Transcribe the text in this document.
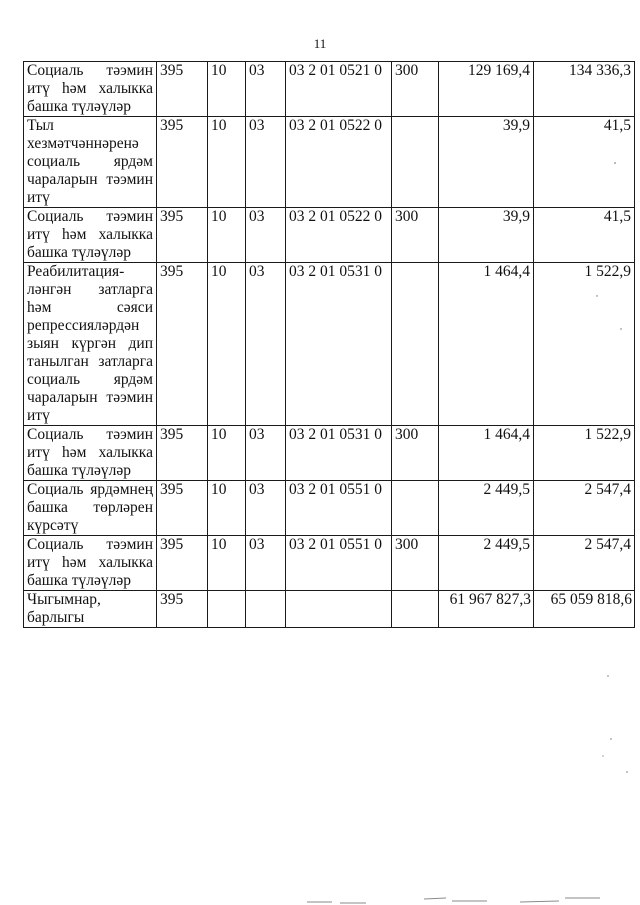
11
Социаль тәэмин итү һәм халыкка башка түләүләр	395	10	03	03 2 01 0521 0	300	129 169,4	134 336,3
Тыл хезмәтчәннәренә социаль ярдәм чараларын тәэмин итү	395	10	03	03 2 01 0522 0		39,9	41,5
Социаль тәэмин итү һәм халыкка башка түләүләр	395	10	03	03 2 01 0522 0	300	39,9	41,5
Реабилитация-ләнгән затларга һәм сәяси репрессияләрдән зыян күргән дип танылган затларга социаль ярдәм чараларын тәэмин итү	395	10	03	03 2 01 0531 0		1 464,4	1 522,9
Социаль тәэмин итү һәм халыкка башка түләүләр	395	10	03	03 2 01 0531 0	300	1 464,4	1 522,9
Социаль ярдәмнең башка төрләрен күрсәтү	395	10	03	03 2 01 0551 0		2 449,5	2 547,4
Социаль тәэмин итү һәм халыкка башка түләүләр	395	10	03	03 2 01 0551 0	300	2 449,5	2 547,4
Чыгымнар, барлыгы	395					61 967 827,3	65 059 818,6
